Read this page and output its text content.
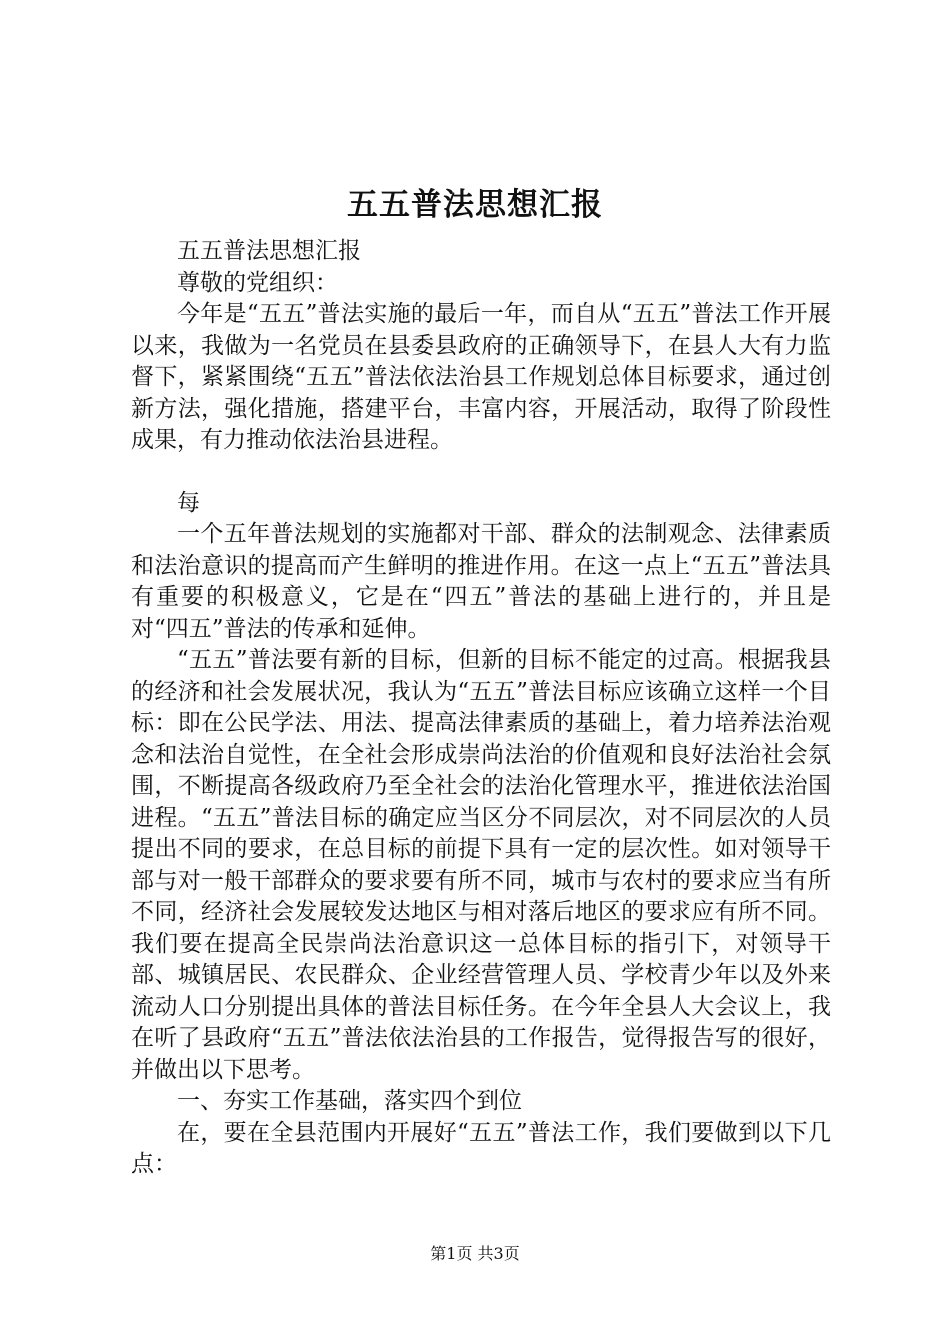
五五普法思想汇报

五五普法思想汇报

尊敬的党组织：

今年是“五五”普法实施的最后一年，而自从“五五”普法工作开展以来，我做为一名党员在县委县政府的正确领导下，在县人大有力监督下，紧紧围绕“五五”普法依法治县工作规划总体目标要求，通过创新方法，强化措施，搭建平台，丰富内容，开展活动，取得了阶段性成果，有力推动依法治县进程。

每

一个五年普法规划的实施都对干部、群众的法制观念、法律素质和法治意识的提高而产生鲜明的推进作用。在这一点上“五五”普法具有重要的积极意义，它是在“四五”普法的基础上进行的，并且是对“四五”普法的传承和延伸。

“五五”普法要有新的目标，但新的目标不能定的过高。根据我县的经济和社会发展状况，我认为“五五”普法目标应该确立这样一个目标：即在公民学法、用法、提高法律素质的基础上，着力培养法治观念和法治自觉性，在全社会形成崇尚法治的价值观和良好法治社会氛围，不断提高各级政府乃至全社会的法治化管理水平，推进依法治国进程。“五五”普法目标的确定应当区分不同层次，对不同层次的人员提出不同的要求，在总目标的前提下具有一定的层次性。如对领导干部与对一般干部群众的要求要有所不同，城市与农村的要求应当有所不同，经济社会发展较发达地区与相对落后地区的要求应有所不同。我们要在提高全民崇尚法治意识这一总体目标的指引下，对领导干部、城镇居民、农民群众、企业经营管理人员、学校青少年以及外来流动人口分别提出具体的普法目标任务。在今年全县人大会议上，我在听了县政府“五五”普法依法治县的工作报告，觉得报告写的很好，并做出以下思考。

一、夯实工作基础，落实四个到位

在，要在全县范围内开展好“五五”普法工作，我们要做到以下几点：

第1页 共3页
